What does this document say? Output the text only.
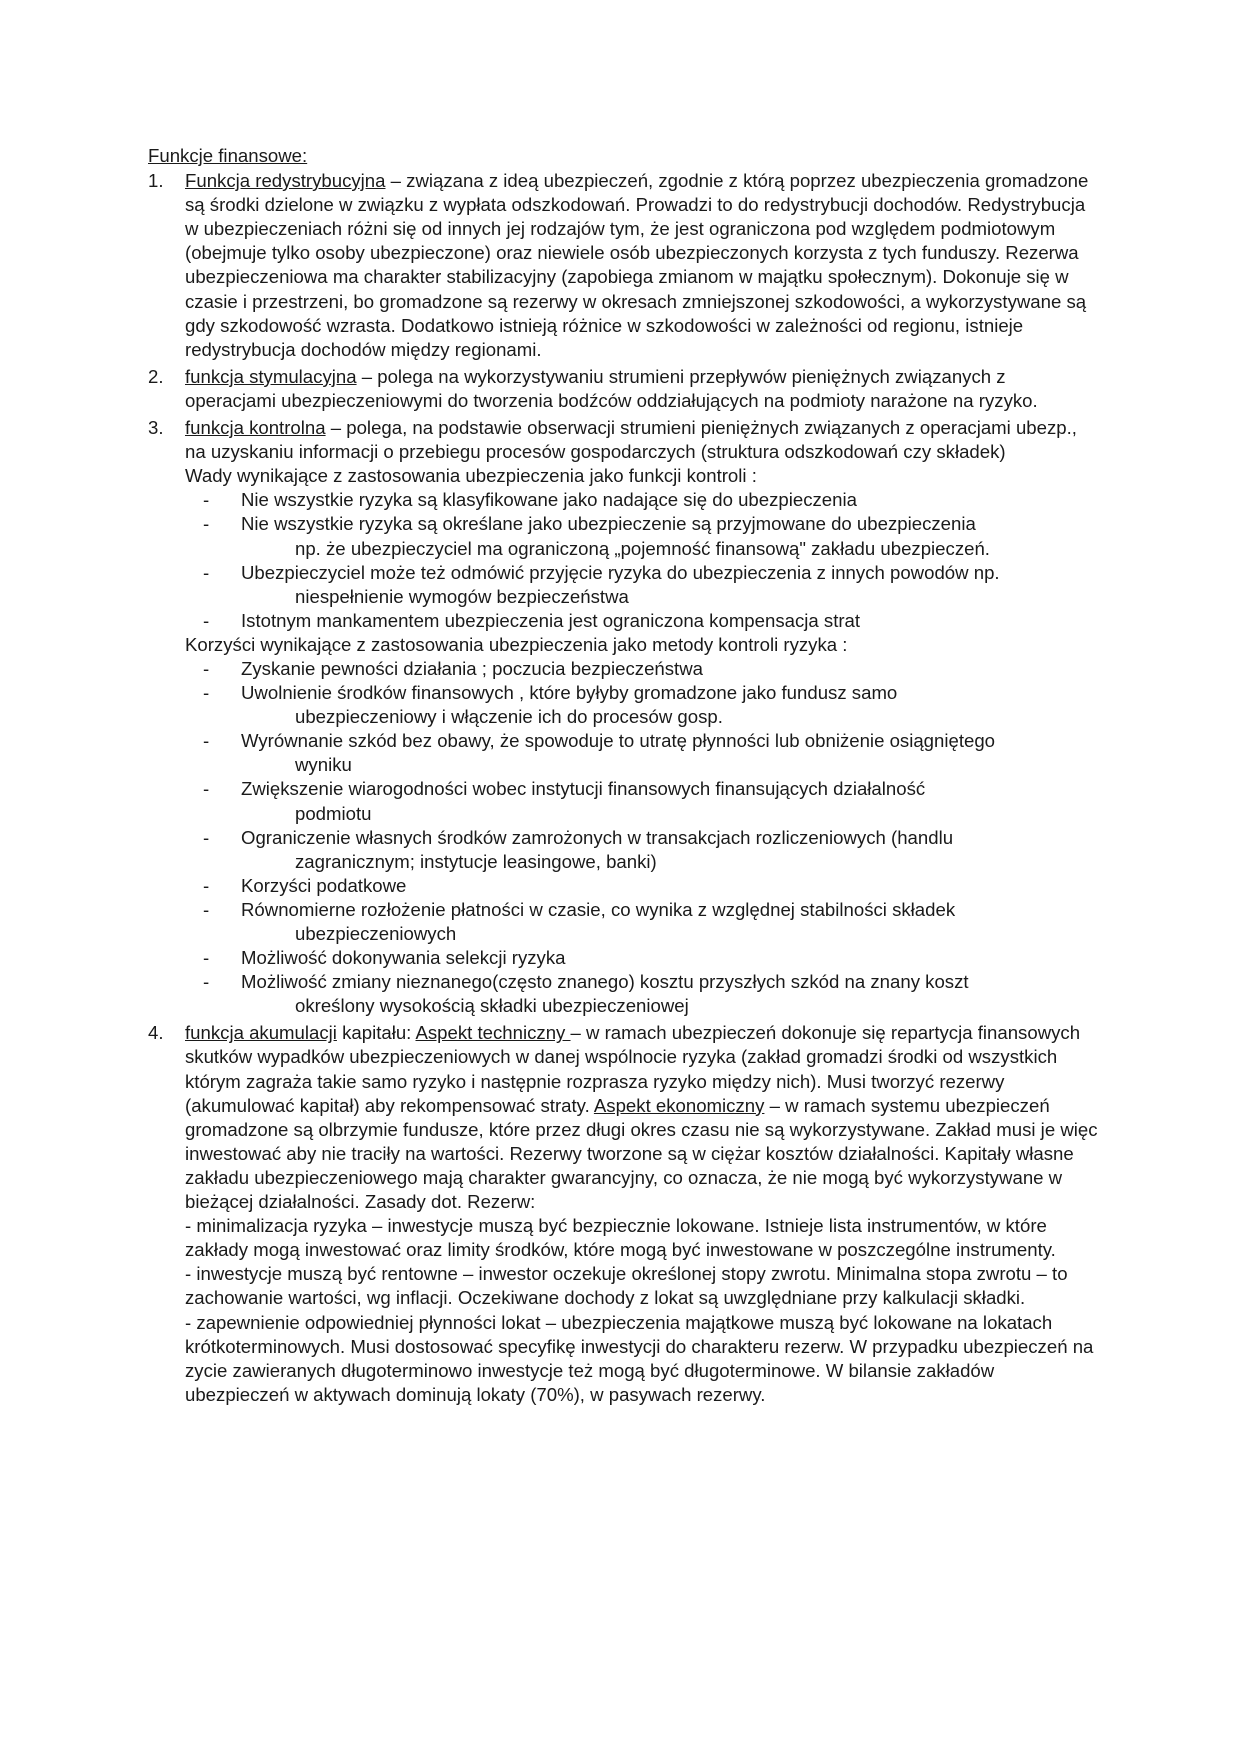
Funkcje finansowe:
1. Funkcja redystrybucyjna – związana z ideą ubezpieczeń, zgodnie z którą poprzez ubezpieczenia gromadzone są środki dzielone w związku z wypłata odszkodowań. Prowadzi to do redystrybucji dochodów. Redystrybucja w ubezpieczeniach różni się od innych jej rodzajów tym, że jest ograniczona pod względem podmiotowym (obejmuje tylko osoby ubezpieczone) oraz niewiele osób ubezpieczonych korzysta z tych funduszy. Rezerwa ubezpieczeniowa ma charakter stabilizacyjny (zapobiega zmianom w majątku społecznym). Dokonuje się w czasie i przestrzeni, bo gromadzone są rezerwy w okresach zmniejszonej szkodowości, a wykorzystywane są gdy szkodowość wzrasta. Dodatkowo istnieją różnice w szkodowości w zależności od regionu, istnieje redystrybucja dochodów między regionami.
2. funkcja stymulacyjna – polega na wykorzystywaniu strumieni przepływów pieniężnych związanych z operacjami ubezpieczeniowymi do tworzenia bodźców oddziałujących na podmioty narażone na ryzyko.
3. funkcja kontrolna – polega, na podstawie obserwacji strumieni pieniężnych związanych z operacjami ubezp., na uzyskaniu informacji o przebiegu procesów gospodarczych (struktura odszkodowań czy składek)

Wady wynikające z zastosowania ubezpieczenia jako funkcji kontroli :

- Nie wszystkie ryzyka są klasyfikowane jako nadające się do ubezpieczenia
- Nie wszystkie ryzyka są określane jako ubezpieczenie są przyjmowane do ubezpieczenia
np. że ubezpieczyciel ma ograniczoną „pojemność finansową" zakładu ubezpieczeń.
- Ubezpieczyciel może też odmówić przyjęcie ryzyka do ubezpieczenia z innych powodów np.
niespełnienie wymogów bezpieczeństwa
- Istotnym mankamentem ubezpieczenia jest ograniczona kompensacja strat

Korzyści wynikające z zastosowania ubezpieczenia jako metody kontroli ryzyka :

- Zyskanie pewności działania ; poczucia bezpieczeństwa
- Uwolnienie środków finansowych , które byłyby gromadzone jako fundusz samo
ubezpieczeniowy i włączenie ich do procesów gosp.
- Wyrównanie szkód bez obawy, że spowoduje to utratę płynności lub obniżenie osiągniętego
wyniku
- Zwiększenie wiarogodności wobec instytucji finansowych finansujących działalność
podmiotu
- Ograniczenie własnych środków zamrożonych w transakcjach rozliczeniowych (handlu
zagranicznym; instytucje leasingowe, banki)
- Korzyści podatkowe
- Równomierne rozłożenie płatności w czasie, co wynika z względnej stabilności składek
ubezpieczeniowych
- Możliwość dokonywania selekcji ryzyka
- Możliwość zmiany nieznanego(często znanego) kosztu przyszłych szkód na znany koszt
określony wysokością składki ubezpieczeniowej
4. funkcja akumulacji kapitału: Aspekt techniczny – w ramach ubezpieczeń dokonuje się repartycja finansowych skutków wypadków ubezpieczeniowych w danej wspólnocie ryzyka (zakład gromadzi środki od wszystkich którym zagraża takie samo ryzyko i następnie rozprasza ryzyko między nich). Musi tworzyć rezerwy (akumulować kapitał) aby rekompensować straty. Aspekt ekonomiczny – w ramach systemu ubezpieczeń gromadzone są olbrzymie fundusze, które przez długi okres czasu nie są wykorzystywane. Zakład musi je więc inwestować aby nie traciły na wartości. Rezerwy tworzone są w ciężar kosztów działalności. Kapitały własne zakładu ubezpieczeniowego mają charakter gwarancyjny, co oznacza, że nie mogą być wykorzystywane w bieżącej działalności. Zasady dot. Rezerw:

- minimalizacja ryzyka – inwestycje muszą być bezpiecznie lokowane. Istnieje lista instrumentów, w które zakłady mogą inwestować oraz limity środków, które mogą być inwestowane w poszczególne instrumenty.

- inwestycje muszą być rentowne – inwestor oczekuje określonej stopy zwrotu. Minimalna stopa zwrotu – to zachowanie wartości, wg inflacji. Oczekiwane dochody z lokat są uwzględniane przy kalkulacji składki.

- zapewnienie odpowiedniej płynności lokat – ubezpieczenia majątkowe muszą być lokowane na lokatach krótkoterminowych. Musi dostosować specyfikę inwestycji do charakteru rezerw. W przypadku ubezpieczeń na zycie zawieranych długoterminowo inwestycje też mogą być długoterminowe. W bilansie zakładów ubezpieczeń w aktywach dominują lokaty (70%), w pasywach rezerwy.
